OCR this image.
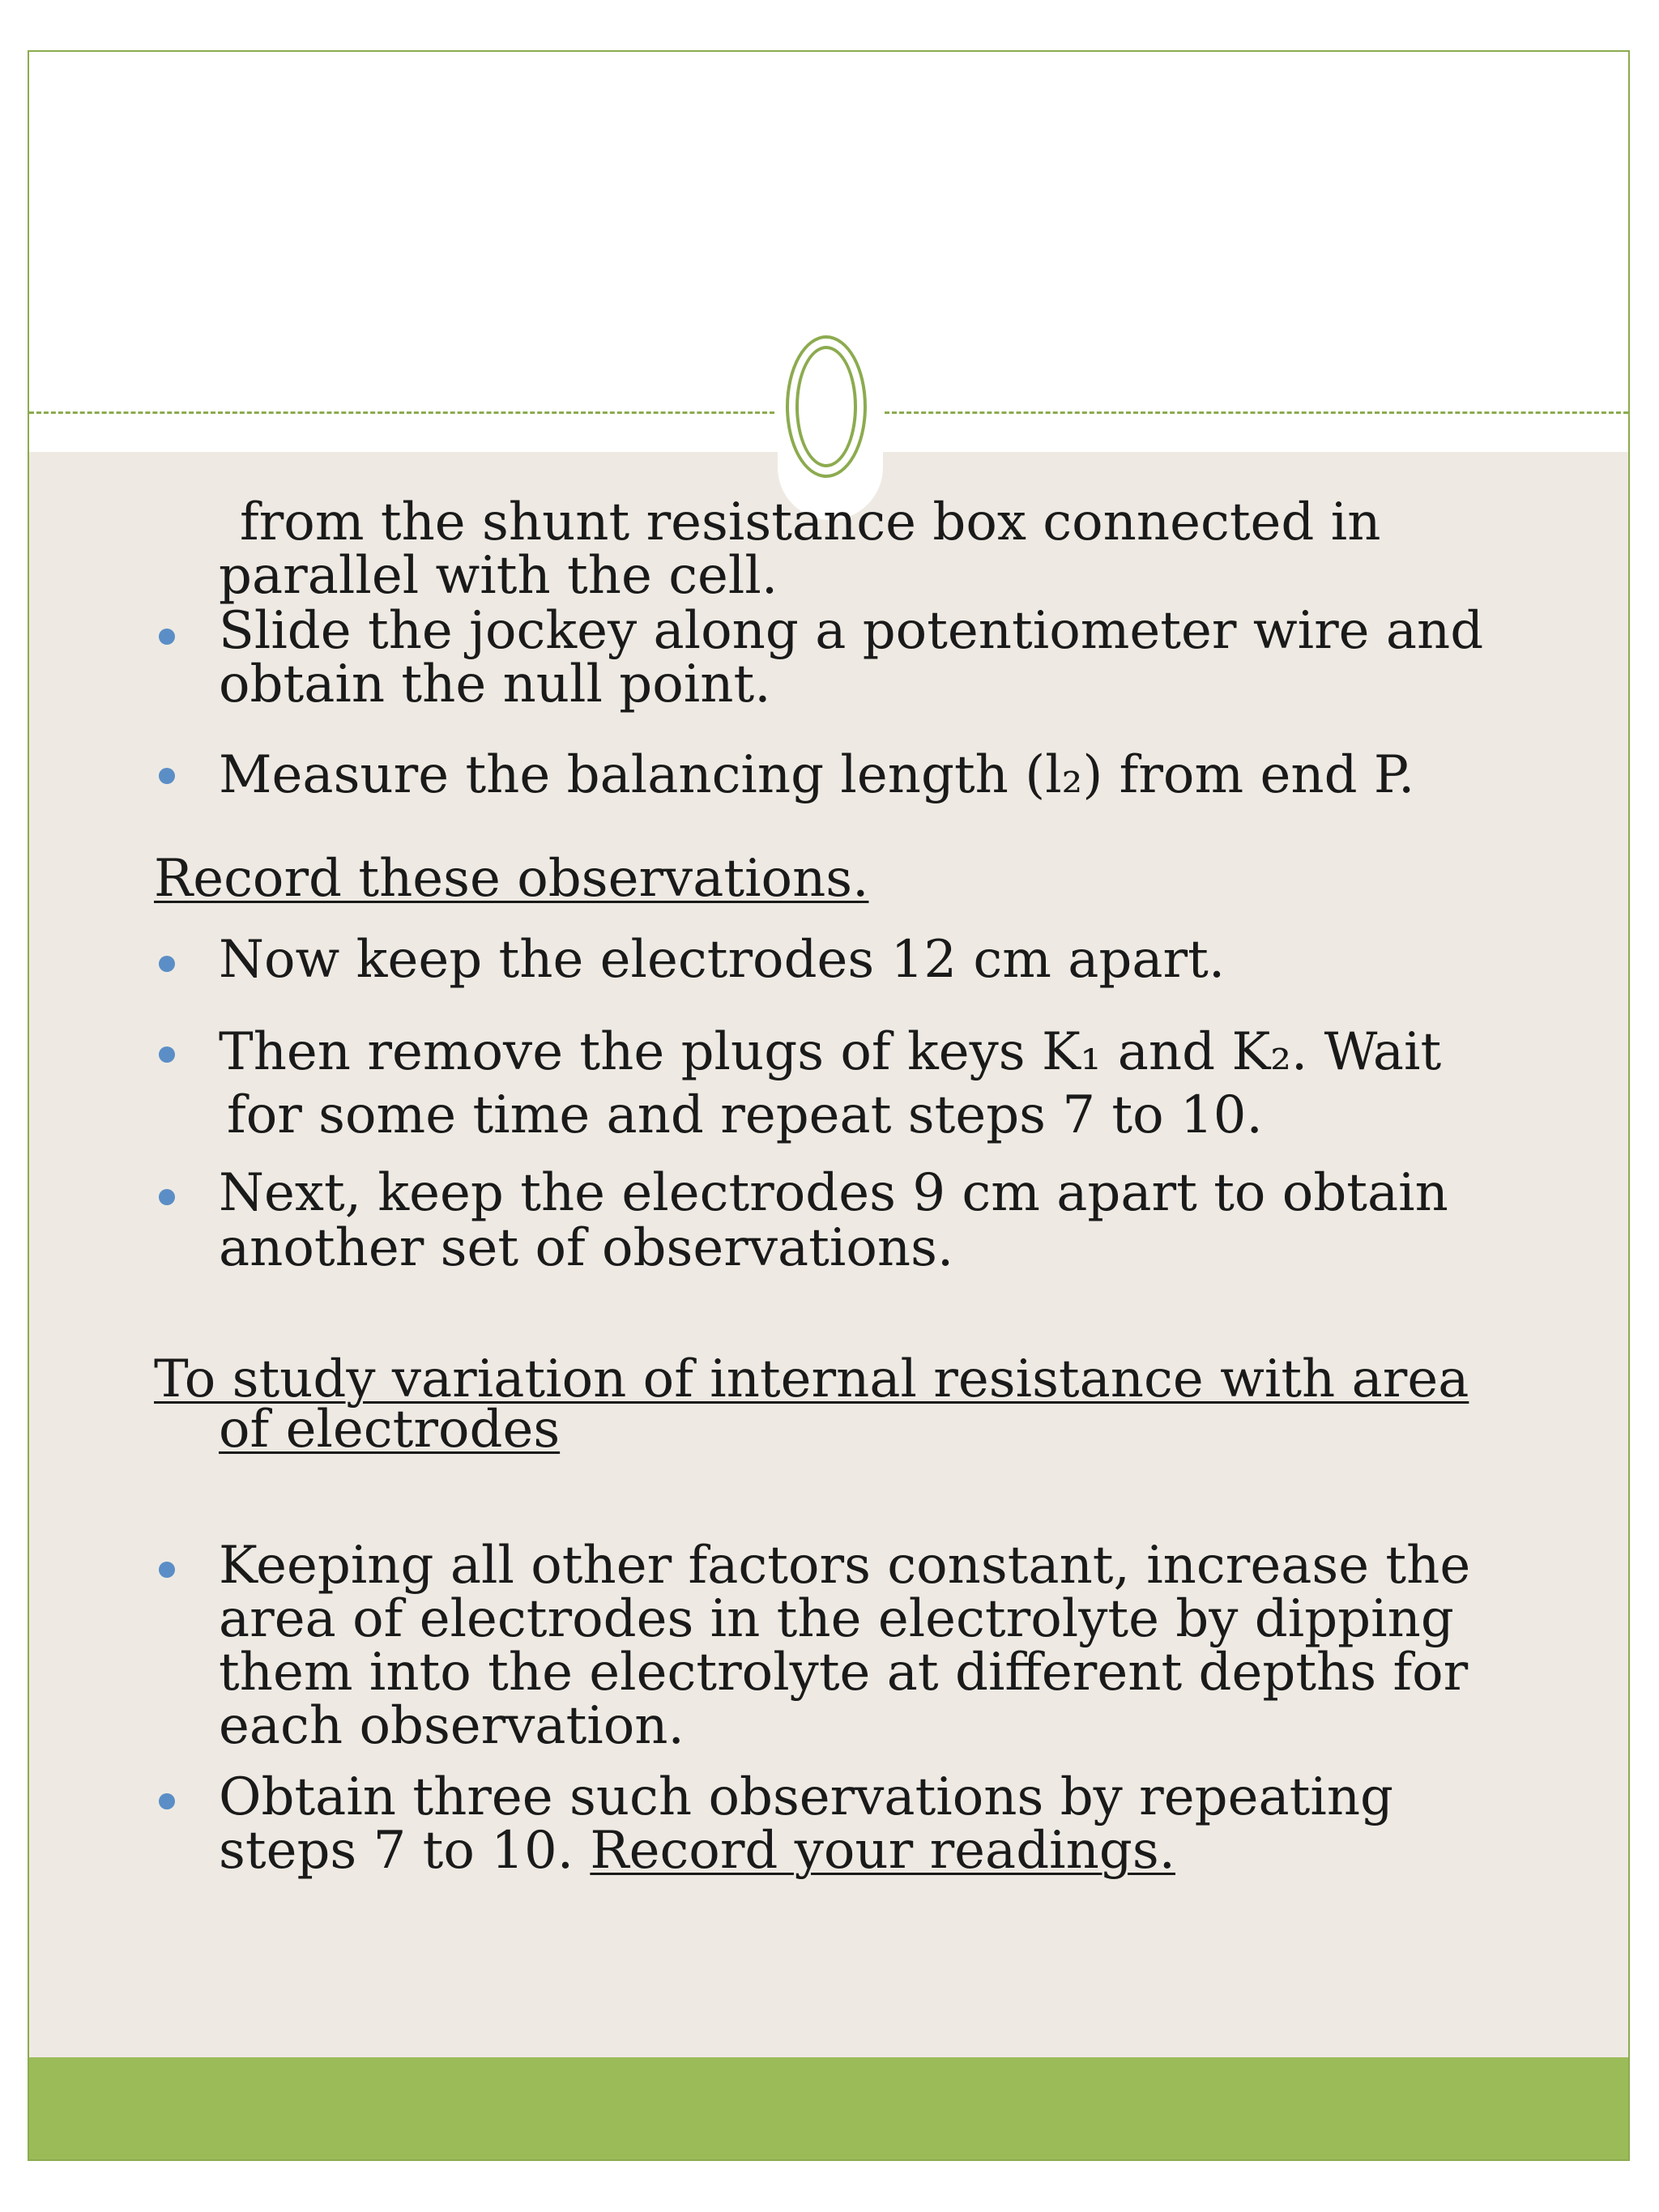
from the shunt resistance box connected in
parallel with the cell.
Slide the jockey along a potentiometer wire and
obtain the null point.
Measure the balancing length (l₂) from end P.
Record these observations.
Now keep the electrodes 12 cm apart.
Then remove the plugs of keys K₁ and K₂. Wait
for some time and repeat steps 7 to 10.
Next, keep the electrodes 9 cm apart to obtain
another set of observations.
To study variation of internal resistance with area
of electrodes
Keeping all other factors constant, increase the
area of electrodes in the electrolyte by dipping
them into the electrolyte at different depths for
each observation.
Obtain three such observations by repeating
steps 7 to 10. Record your readings.
